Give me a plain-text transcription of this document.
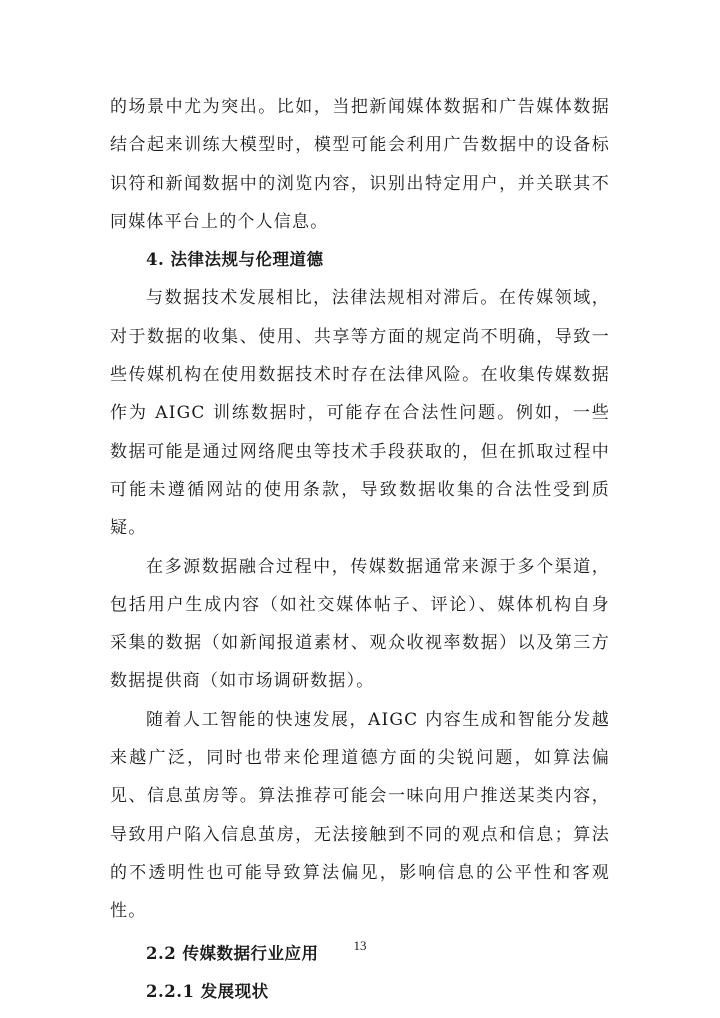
的场景中尤为突出。比如，当把新闻媒体数据和广告媒体数据结合起来训练大模型时，模型可能会利用广告数据中的设备标识符和新闻数据中的浏览内容，识别出特定用户，并关联其不同媒体平台上的个人信息。

4. 法律法规与伦理道德

与数据技术发展相比，法律法规相对滞后。在传媒领域，对于数据的收集、使用、共享等方面的规定尚不明确，导致一些传媒机构在使用数据技术时存在法律风险。在收集传媒数据作为 AIGC 训练数据时，可能存在合法性问题。例如，一些数据可能是通过网络爬虫等技术手段获取的，但在抓取过程中可能未遵循网站的使用条款，导致数据收集的合法性受到质疑。

在多源数据融合过程中，传媒数据通常来源于多个渠道，包括用户生成内容（如社交媒体帖子、评论）、媒体机构自身采集的数据（如新闻报道素材、观众收视率数据）以及第三方数据提供商（如市场调研数据）。

随着人工智能的快速发展，AIGC 内容生成和智能分发越来越广泛，同时也带来伦理道德方面的尖锐问题，如算法偏见、信息茧房等。算法推荐可能会一味向用户推送某类内容，导致用户陷入信息茧房，无法接触到不同的观点和信息；算法的不透明性也可能导致算法偏见，影响信息的公平性和客观性。

2.2 传媒数据行业应用

2.2.1 发展现状

13
